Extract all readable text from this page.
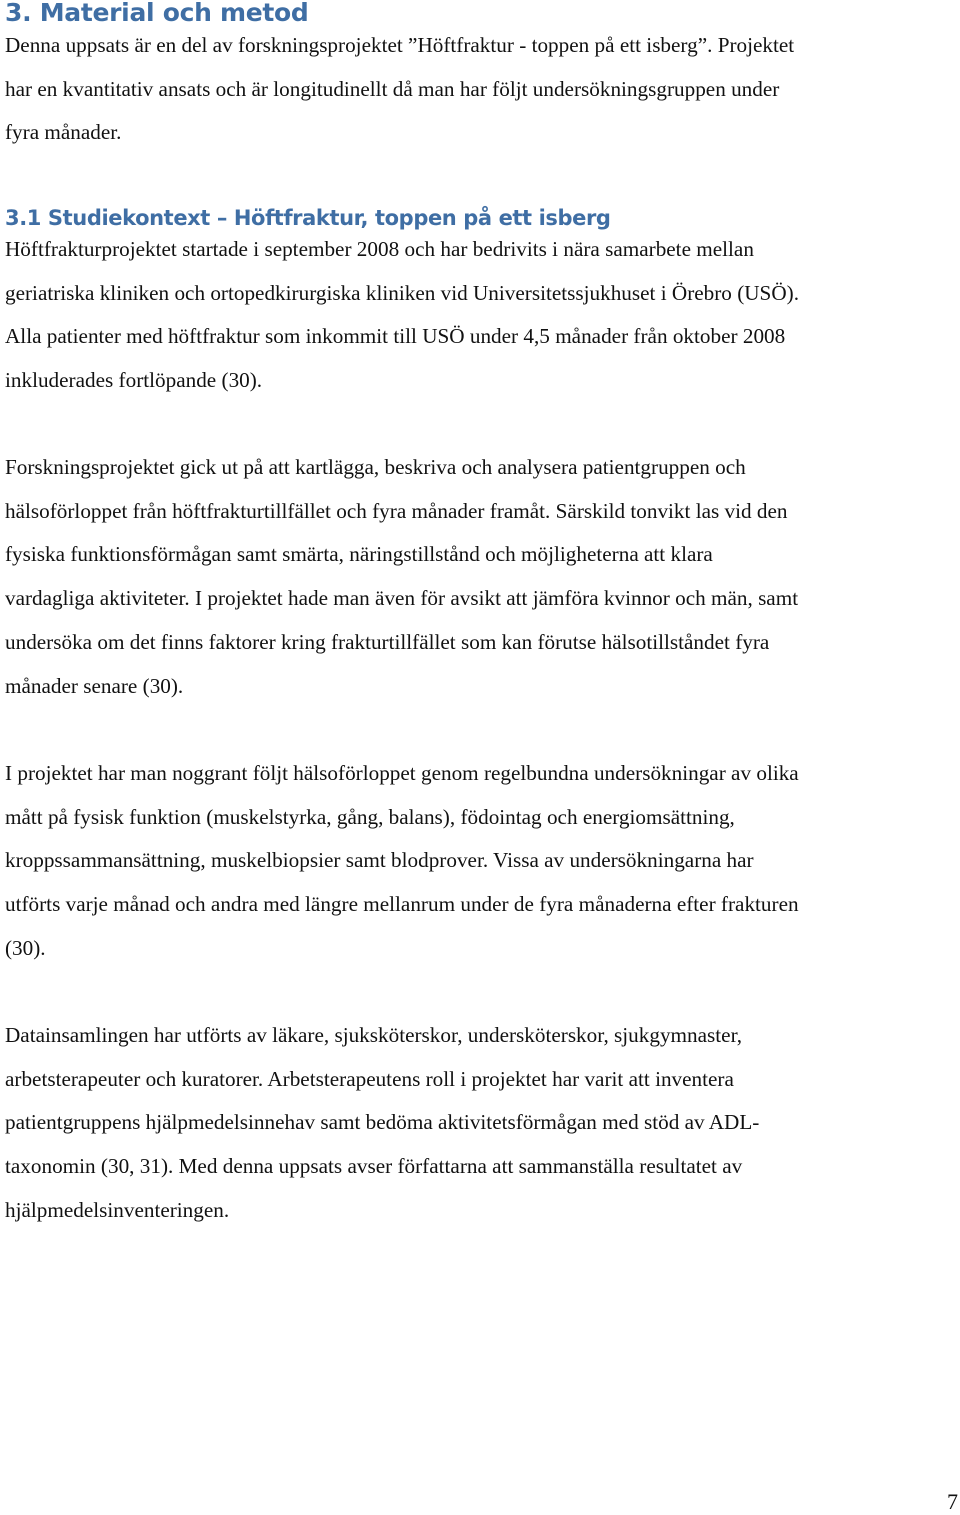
3. Material och metod

Denna uppsats är en del av forskningsprojektet ”Höftfraktur - toppen på ett isberg”. Projektet
har en kvantitativ ansats och är longitudinellt då man har följt undersökningsgruppen under
fyra månader.

3.1 Studiekontext – Höftfraktur, toppen på ett isberg

Höftfrakturprojektet startade i september 2008 och har bedrivits i nära samarbete mellan
geriatriska kliniken och ortopedkirurgiska kliniken vid Universitetssjukhuset i Örebro (USÖ).
Alla patienter med höftfraktur som inkommit till USÖ under 4,5 månader från oktober 2008
inkluderades fortlöpande (30).

Forskningsprojektet gick ut på att kartlägga, beskriva och analysera patientgruppen och
hälsoförloppet från höftfrakturtillfället och fyra månader framåt. Särskild tonvikt las vid den
fysiska funktionsförmågan samt smärta, näringstillstånd och möjligheterna att klara
vardagliga aktiviteter. I projektet hade man även för avsikt att jämföra kvinnor och män, samt
undersöka om det finns faktorer kring frakturtillfället som kan förutse hälsotillståndet fyra
månader senare (30).

I projektet har man noggrant följt hälsoförloppet genom regelbundna undersökningar av olika
mått på fysisk funktion (muskelstyrka, gång, balans), födointag och energiomsättning,
kroppssammansättning, muskelbiopsier samt blodprover. Vissa av undersökningarna har
utförts varje månad och andra med längre mellanrum under de fyra månaderna efter frakturen
(30).

Datainsamlingen har utförts av läkare, sjuksköterskor, undersköterskor, sjukgymnaster,
arbetsterapeuter och kuratorer. Arbetsterapeutens roll i projektet har varit att inventera
patientgruppens hjälpmedelsinnehav samt bedöma aktivitetsförmågan med stöd av ADL-
taxonomin (30, 31). Med denna uppsats avser författarna att sammanställa resultatet av
hjälpmedelsinventeringen.

7
